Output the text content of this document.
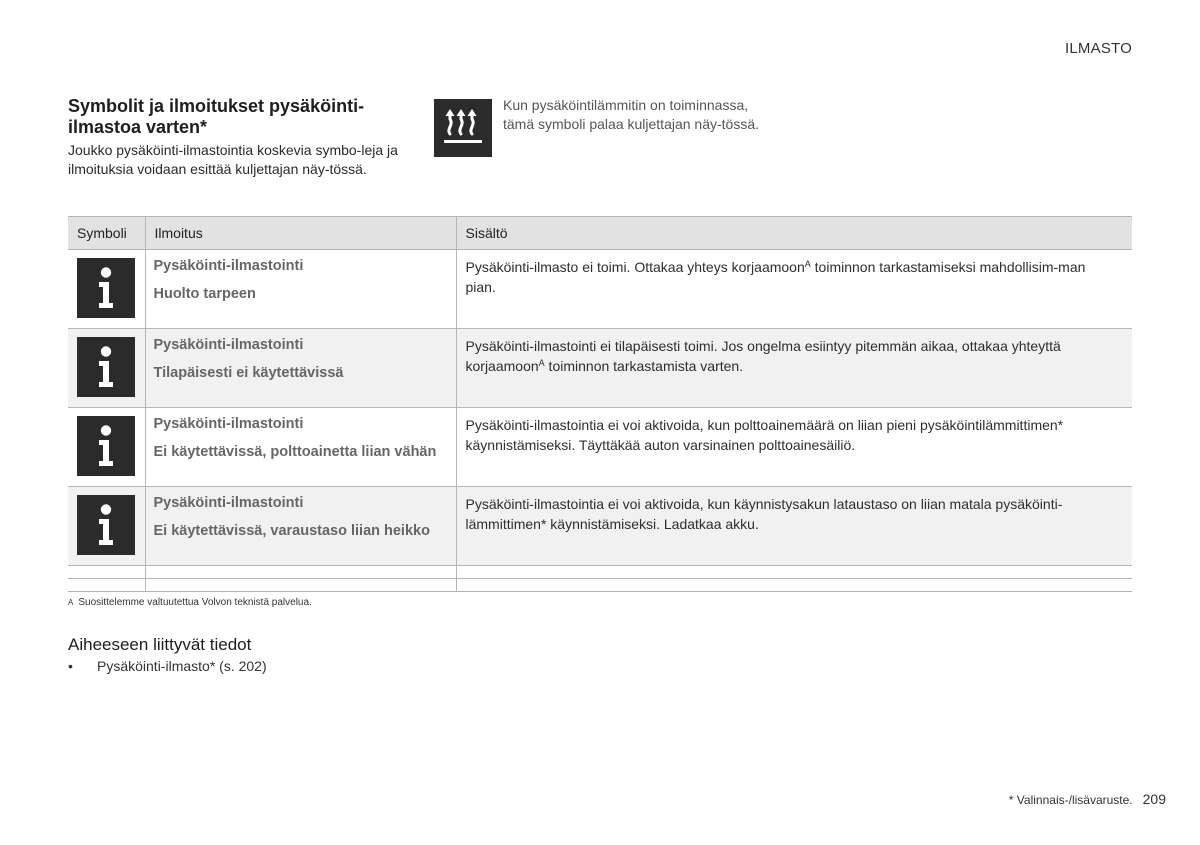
ILMASTO
Symbolit ja ilmoitukset pysäköinti-ilmastoa varten*

Joukko pysäköinti-ilmastointia koskevia symbo-leja ja ilmoituksia voidaan esittää kuljettajan näy-tössä.

Kun pysäköintilämmitin on toiminnassa, tämä symboli palaa kuljettajan näy-tössä.

Symboli	Ilmoitus	Sisältö

Pysäköinti-ilmastointi
Huolto tarpeen	Pysäköinti-ilmasto ei toimi. Ottakaa yhteys korjaamoon$^A$ toiminnon tarkastamiseksi mahdollisim-man pian.

Pysäköinti-ilmastointi
Tilapäisesti ei käytettävissä	Pysäköinti-ilmastointi ei tilapäisesti toimi. Jos ongelma esiintyy pitemmän aikaa, ottakaa yhteyttä korjaamoon$^A$ toiminnon tarkastamista varten.

Pysäköinti-ilmastointi
Ei käytettävissä, polttoainetta liian vähän	Pysäköinti-ilmastointia ei voi aktivoida, kun polttoainemäärä on liian pieni pysäköintilämmittimen* käynnistämiseksi. Täyttäkää auton varsinainen polttoainesäiliö.

Pysäköinti-ilmastointi
Ei käytettävissä, varaustaso liian heikko	Pysäköinti-ilmastointia ei voi aktivoida, kun käynnistysakun lataustaso on liian matala pysäköinti-lämmittimen* käynnistämiseksi. Ladatkaa akku.

A Suosittelemme valtuutettua Volvon teknistä palvelua.
Aiheeseen liittyvät tiedot
• Pysäköinti-ilmasto* (s. 202)
* Valinnais-/lisävaruste. 209
